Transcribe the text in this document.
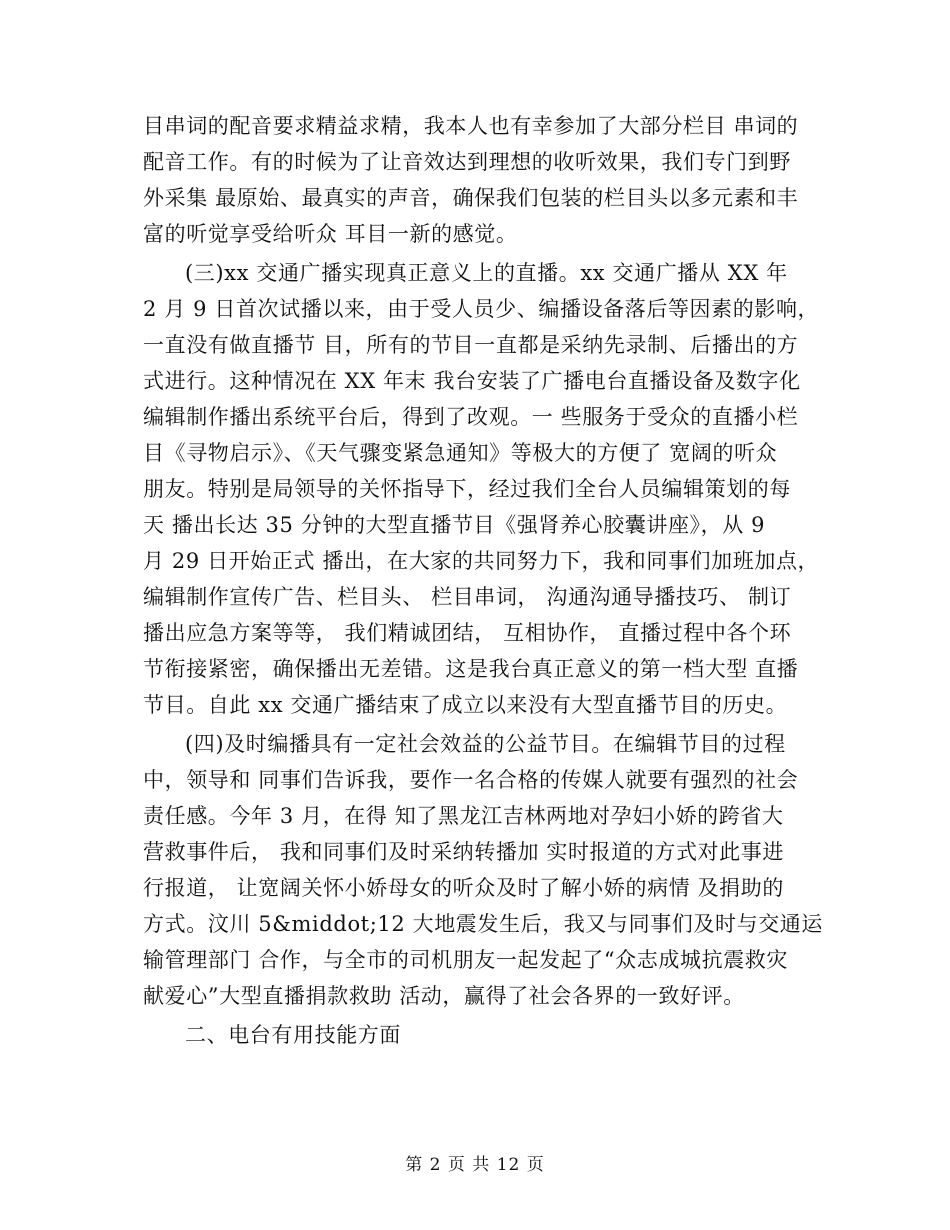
目串词的配音要求精益求精，我本人也有幸参加了大部分栏目 串词的
配音工作。有的时候为了让音效达到理想的收听效果，我们专门到野
外采集 最原始、最真实的声音，确保我们包装的栏目头以多元素和丰
富的听觉享受给听众 耳目一新的感觉。
(三)xx 交通广播实现真正意义上的直播。xx 交通广播从 XX 年
2 月 9 日首次试播以来，由于受人员少、编播设备落后等因素的影响，
一直没有做直播节 目，所有的节目一直都是采纳先录制、后播出的方
式进行。这种情况在 XX 年末 我台安装了广播电台直播设备及数字化
编辑制作播出系统平台后，得到了改观。一 些服务于受众的直播小栏
目《寻物启示》、《天气骤变紧急通知》等极大的方便了 宽阔的听众
朋友。特别是局领导的关怀指导下，经过我们全台人员编辑策划的每
天 播出长达 35 分钟的大型直播节目《强肾养心胶囊讲座》，从 9
月 29 日开始正式 播出，在大家的共同努力下，我和同事们加班加点，
编辑制作宣传广告、栏目头、 栏目串词， 沟通沟通导播技巧、 制订
播出应急方案等等， 我们精诚团结， 互相协作， 直播过程中各个环
节衔接紧密，确保播出无差错。这是我台真正意义的第一档大型 直播
节目。自此 xx 交通广播结束了成立以来没有大型直播节目的历史。
(四)及时编播具有一定社会效益的公益节目。在编辑节目的过程
中，领导和 同事们告诉我，要作一名合格的传媒人就要有强烈的社会
责任感。今年 3 月，在得 知了黑龙江吉林两地对孕妇小娇的跨省大
营救事件后， 我和同事们及时采纳转播加 实时报道的方式对此事进
行报道， 让宽阔关怀小娇母女的听众及时了解小娇的病情 及捐助的
方式。汶川 5&middot;12 大地震发生后，我又与同事们及时与交通运
输管理部门 合作，与全市的司机朋友一起发起了“众志成城抗震救灾
献爱心”大型直播捐款救助 活动，赢得了社会各界的一致好评。
二、电台有用技能方面
第 2 页 共 12 页
